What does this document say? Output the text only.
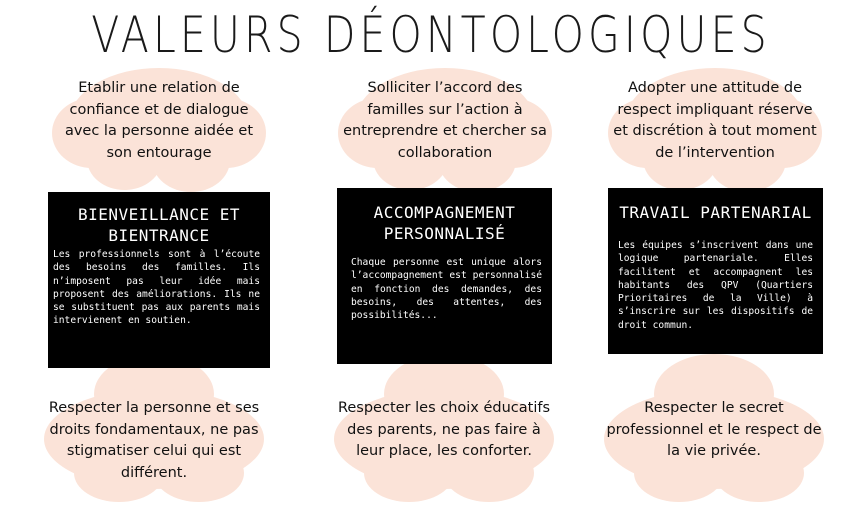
VALEURS DÉONTOLOGIQUES
Etablir une relation de confiance et de dialogue avec la personne aidée et son entourage
Solliciter l’accord des familles sur l’action à entreprendre et chercher sa collaboration
Adopter une attitude de respect impliquant réserve et discrétion à tout moment de l’intervention
Respecter la personne et ses droits fondamentaux, ne pas stigmatiser celui qui est différent.
Respecter les choix éducatifs des parents, ne pas faire à leur place, les conforter.
Respecter le secret professionnel et le respect de la vie privée.
BIENVEILLANCE ET BIENTRANCE
Les professionnels sont à l’écoute des besoins des familles. Ils n’imposent pas leur idée mais proposent des améliorations. Ils ne se substituent pas aux parents mais intervienent en soutien.
ACCOMPAGNEMENT PERSONNALISÉ
Chaque personne est unique alors l’accompagnement est personnalisé en fonction des demandes, des besoins, des attentes, des possibilités...
TRAVAIL PARTENARIAL
Les équipes s’inscrivent dans une logique partenariale. Elles facilitent et accompagnent les habitants des QPV (Quartiers Prioritaires de la Ville) à s’inscrire sur les dispositifs de droit commun.
